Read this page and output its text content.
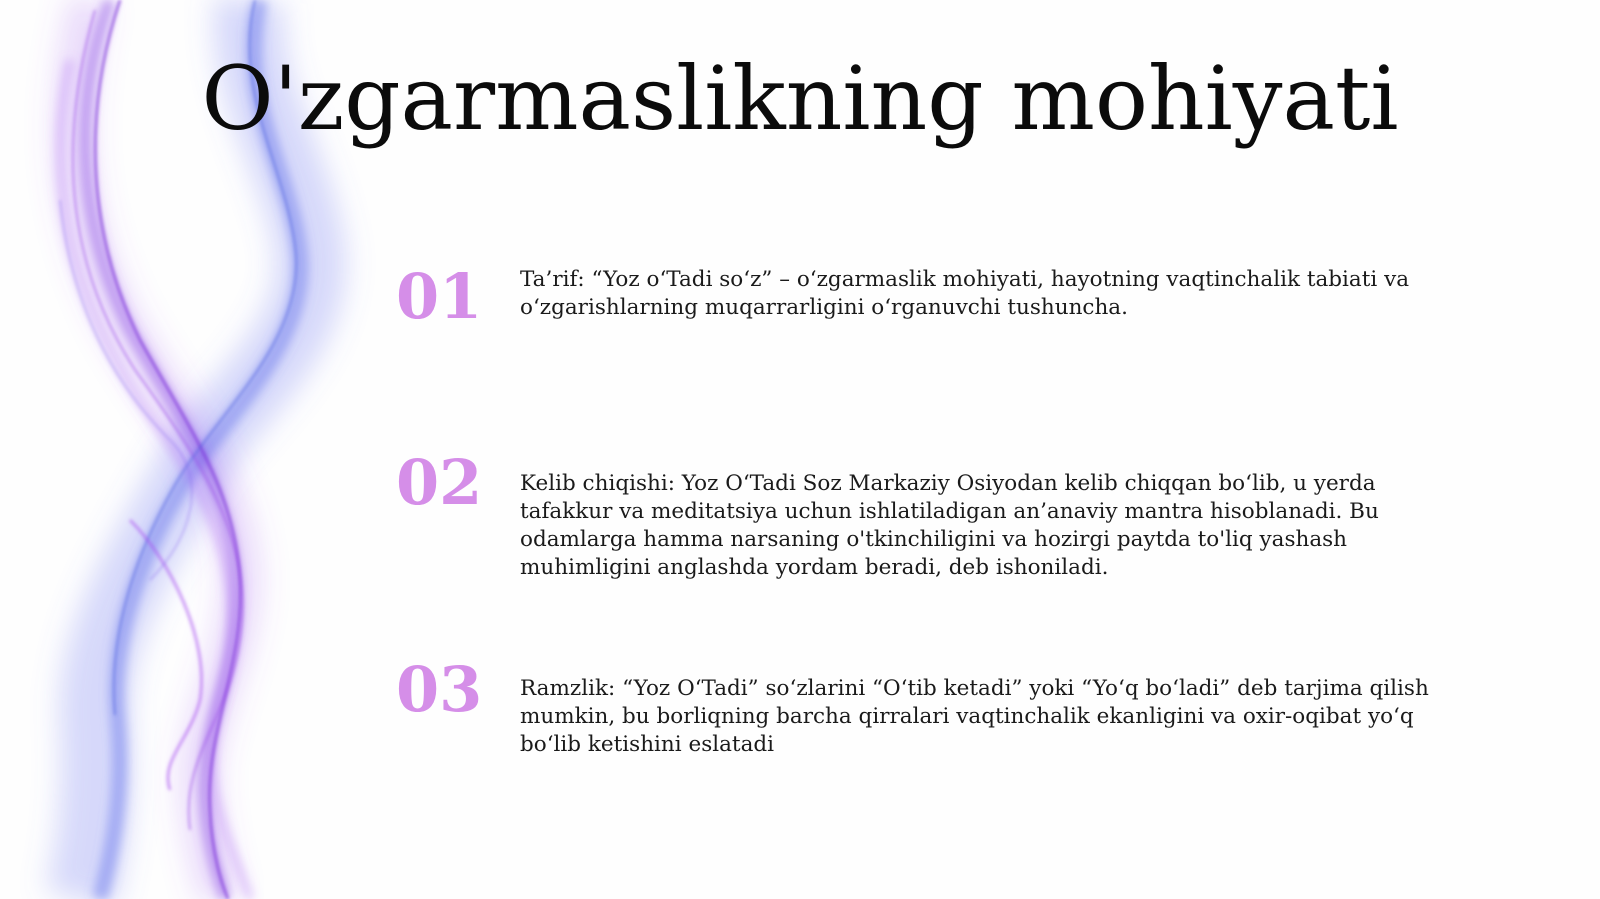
O'zgarmaslikning mohiyati
01 Ta’rif: “Yoz o‘Tadi so‘z” – o‘zgarmaslik mohiyati, hayotning vaqtinchalik tabiati va o‘zgarishlarning muqarrarligini o‘rganuvchi tushuncha.
02 Kelib chiqishi: Yoz O‘Tadi Soz Markaziy Osiyodan kelib chiqqan bo‘lib, u yerda tafakkur va meditatsiya uchun ishlatiladigan an’anaviy mantra hisoblanadi. Bu odamlarga hamma narsaning o'tkinchiligini va hozirgi paytda to'liq yashash muhimligini anglashda yordam beradi, deb ishoniladi.
03 Ramzlik: “Yoz O‘Tadi” so‘zlarini “O‘tib ketadi” yoki “Yo‘q bo‘ladi” deb tarjima qilish mumkin, bu borliqning barcha qirralari vaqtinchalik ekanligini va oxir-oqibat yo‘q bo‘lib ketishini eslatadi
